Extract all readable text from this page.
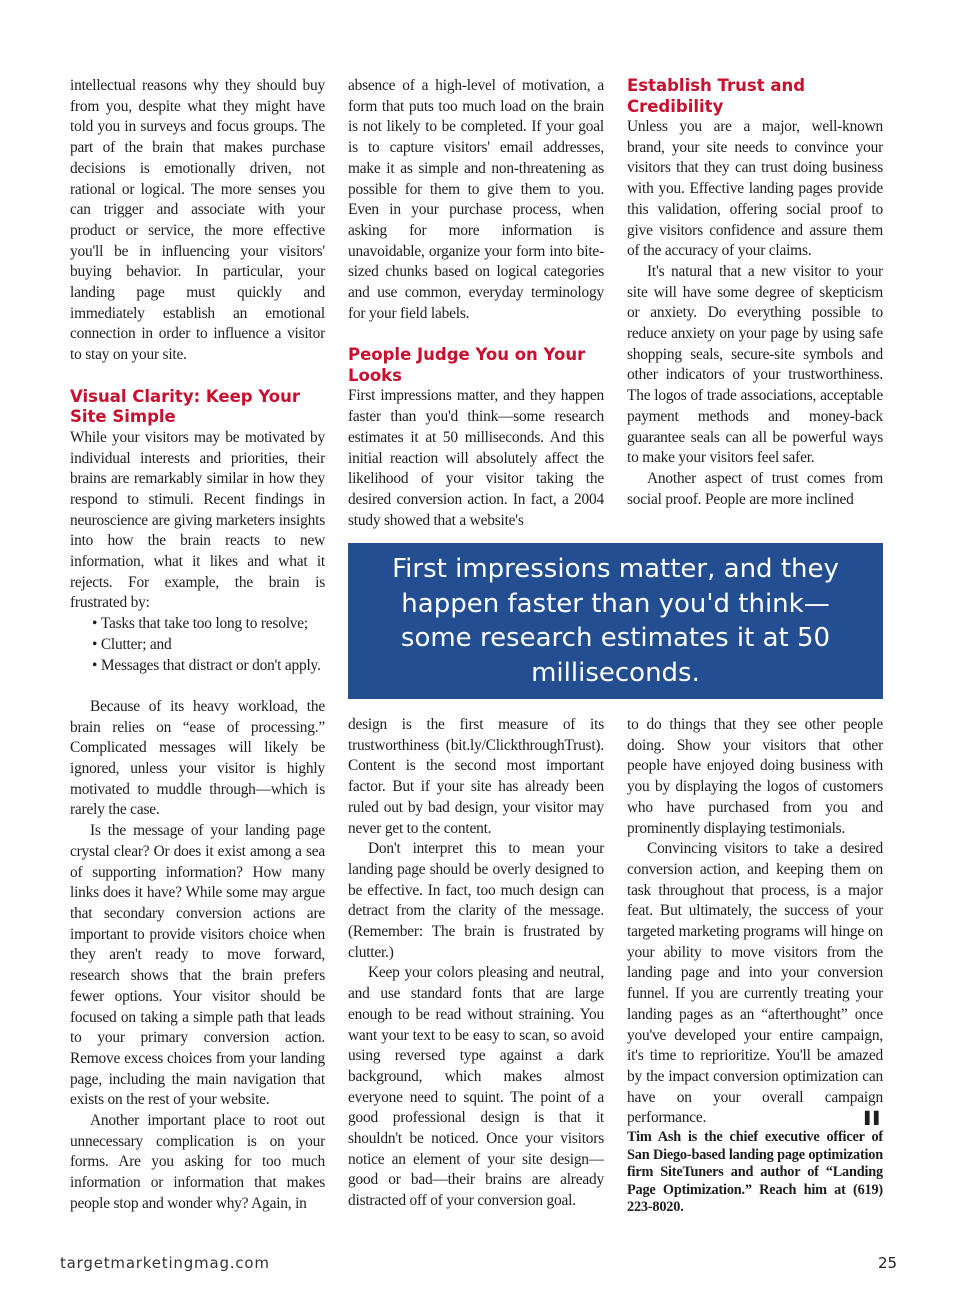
intellectual reasons why they should buy from you, despite what they might have told you in surveys and focus groups. The part of the brain that makes purchase decisions is emotionally driven, not rational or logical. The more senses you can trigger and associate with your product or service, the more effective you'll be in influencing your visitors' buying behavior. In particular, your landing page must quickly and immediately establish an emotional connection in order to influence a visitor to stay on your site.

Visual Clarity: Keep Your Site Simple

While your visitors may be motivated by individual interests and priorities, their brains are remarkably similar in how they respond to stimuli. Recent findings in neuroscience are giving marketers insights into how the brain reacts to new information, what it likes and what it rejects. For example, the brain is frustrated by:

• Tasks that take too long to resolve;
• Clutter; and
• Messages that distract or don't apply.

Because of its heavy workload, the brain relies on “ease of processing.” Complicated messages will likely be ignored, unless your visitor is highly motivated to muddle through—which is rarely the case.

Is the message of your landing page crystal clear? Or does it exist among a sea of supporting information? How many links does it have? While some may argue that secondary conversion actions are important to provide visitors choice when they aren't ready to move forward, research shows that the brain prefers fewer options. Your visitor should be focused on taking a simple path that leads to your primary conversion action. Remove excess choices from your landing page, including the main navigation that exists on the rest of your website.

Another important place to root out unnecessary complication is on your forms. Are you asking for too much information or information that makes people stop and wonder why? Again, in

absence of a high-level of motivation, a form that puts too much load on the brain is not likely to be completed. If your goal is to capture visitors' email addresses, make it as simple and non-threatening as possible for them to give them to you. Even in your purchase process, when asking for more information is unavoidable, organize your form into bite-sized chunks based on logical categories and use common, everyday terminology for your field labels.

People Judge You on Your Looks

First impressions matter, and they happen faster than you'd think—some research estimates it at 50 milliseconds. And this initial reaction will absolutely affect the likelihood of your visitor taking the desired conversion action. In fact, a 2004 study showed that a website's

Establish Trust and Credibility

Unless you are a major, well-known brand, your site needs to convince your visitors that they can trust doing business with you. Effective landing pages provide this validation, offering social proof to give visitors confidence and assure them of the accuracy of your claims.

It's natural that a new visitor to your site will have some degree of skepticism or anxiety. Do everything possible to reduce anxiety on your page by using safe shopping seals, secure-site symbols and other indicators of your trustworthiness. The logos of trade associations, acceptable payment methods and money-back guarantee seals can all be powerful ways to make your visitors feel safer.

Another aspect of trust comes from social proof. People are more inclined

First impressions matter, and they happen faster than you'd think—some research estimates it at 50 milliseconds.

design is the first measure of its trustworthiness (bit.ly/ClickthroughTrust). Content is the second most important factor. But if your site has already been ruled out by bad design, your visitor may never get to the content.

Don't interpret this to mean your landing page should be overly designed to be effective. In fact, too much design can detract from the clarity of the message. (Remember: The brain is frustrated by clutter.)

Keep your colors pleasing and neutral, and use standard fonts that are large enough to be read without straining. You want your text to be easy to scan, so avoid using reversed type against a dark background, which makes almost everyone need to squint. The point of a good professional design is that it shouldn't be noticed. Once your visitors notice an element of your site design—good or bad—their brains are already distracted off of your conversion goal.

to do things that they see other people doing. Show your visitors that other people have enjoyed doing business with you by displaying the logos of customers who have purchased from you and prominently displaying testimonials.

Convincing visitors to take a desired conversion action, and keeping them on task throughout that process, is a major feat. But ultimately, the success of your targeted marketing programs will hinge on your ability to move visitors from the landing page and into your conversion funnel. If you are currently treating your landing pages as an “afterthought” once you've developed your entire campaign, it's time to reprioritize. You'll be amazed by the impact conversion optimization can have on your overall campaign performance.	▌▌

Tim Ash is the chief executive officer of San Diego-based landing page optimization firm SiteTuners and author of “Landing Page Optimization.” Reach him at (619) 223-8020.

targetmarketingmag.com	25
